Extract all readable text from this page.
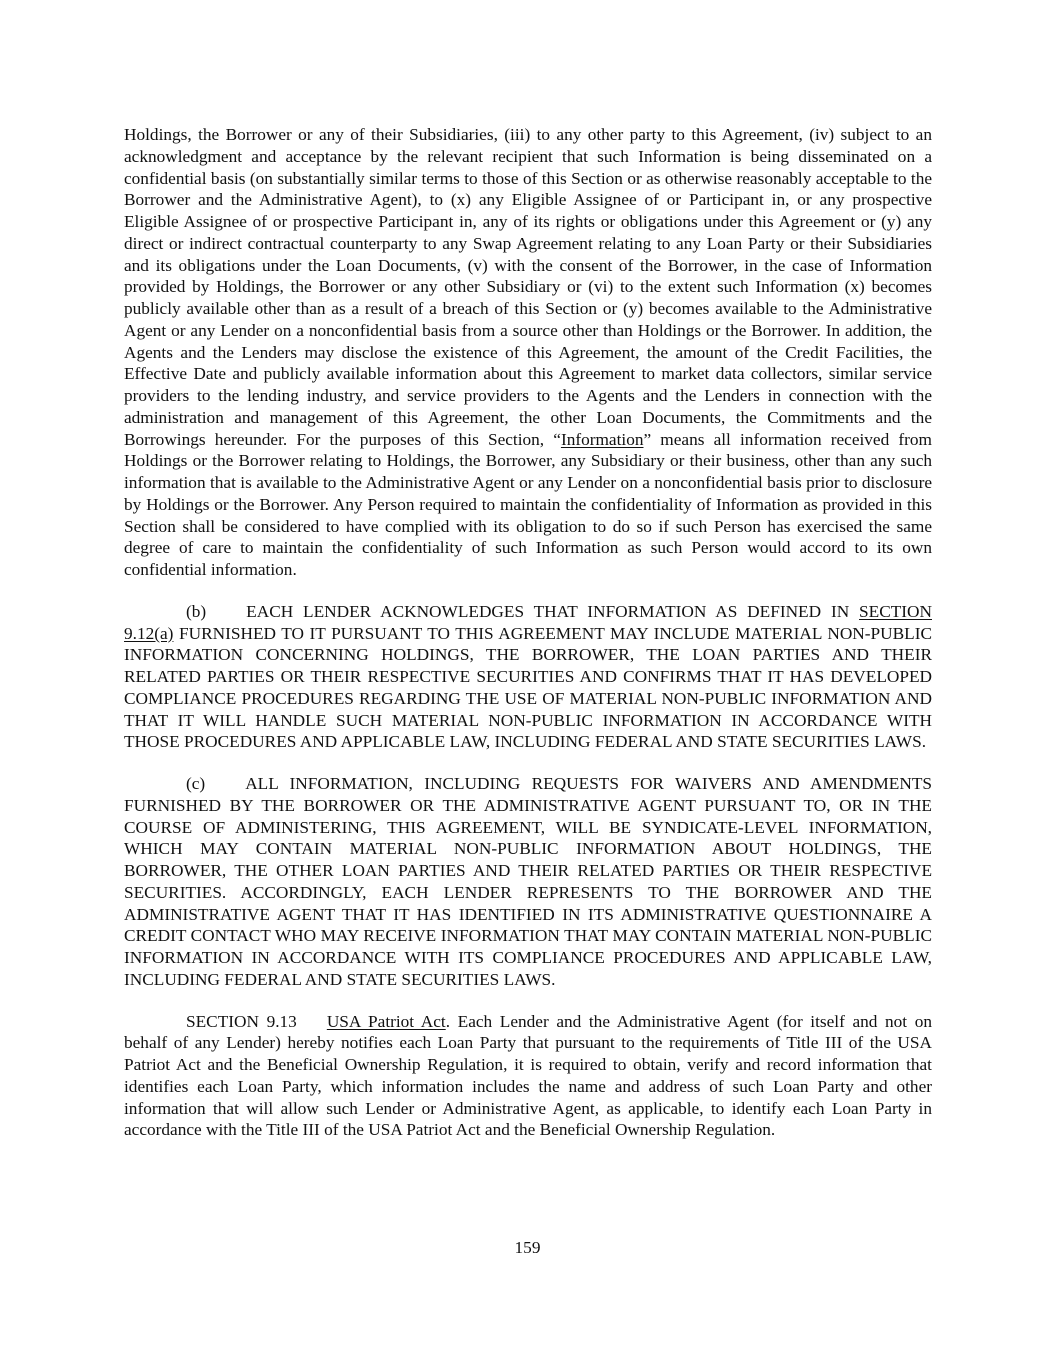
Holdings, the Borrower or any of their Subsidiaries, (iii) to any other party to this Agreement, (iv) subject to an acknowledgment and acceptance by the relevant recipient that such Information is being disseminated on a confidential basis (on substantially similar terms to those of this Section or as otherwise reasonably acceptable to the Borrower and the Administrative Agent), to (x) any Eligible Assignee of or Participant in, or any prospective Eligible Assignee of or prospective Participant in, any of its rights or obligations under this Agreement or (y) any direct or indirect contractual counterparty to any Swap Agreement relating to any Loan Party or their Subsidiaries and its obligations under the Loan Documents, (v) with the consent of the Borrower, in the case of Information provided by Holdings, the Borrower or any other Subsidiary or (vi) to the extent such Information (x) becomes publicly available other than as a result of a breach of this Section or (y) becomes available to the Administrative Agent or any Lender on a nonconfidential basis from a source other than Holdings or the Borrower. In addition, the Agents and the Lenders may disclose the existence of this Agreement, the amount of the Credit Facilities, the Effective Date and publicly available information about this Agreement to market data collectors, similar service providers to the lending industry, and service providers to the Agents and the Lenders in connection with the administration and management of this Agreement, the other Loan Documents, the Commitments and the Borrowings hereunder. For the purposes of this Section, “Information” means all information received from Holdings or the Borrower relating to Holdings, the Borrower, any Subsidiary or their business, other than any such information that is available to the Administrative Agent or any Lender on a nonconfidential basis prior to disclosure by Holdings or the Borrower. Any Person required to maintain the confidentiality of Information as provided in this Section shall be considered to have complied with its obligation to do so if such Person has exercised the same degree of care to maintain the confidentiality of such Information as such Person would accord to its own confidential information.

(b) EACH LENDER ACKNOWLEDGES THAT INFORMATION AS DEFINED IN SECTION 9.12(a) FURNISHED TO IT PURSUANT TO THIS AGREEMENT MAY INCLUDE MATERIAL NON-PUBLIC INFORMATION CONCERNING HOLDINGS, THE BORROWER, THE LOAN PARTIES AND THEIR RELATED PARTIES OR THEIR RESPECTIVE SECURITIES AND CONFIRMS THAT IT HAS DEVELOPED COMPLIANCE PROCEDURES REGARDING THE USE OF MATERIAL NON-PUBLIC INFORMATION AND THAT IT WILL HANDLE SUCH MATERIAL NON-PUBLIC INFORMATION IN ACCORDANCE WITH THOSE PROCEDURES AND APPLICABLE LAW, INCLUDING FEDERAL AND STATE SECURITIES LAWS.

(c) ALL INFORMATION, INCLUDING REQUESTS FOR WAIVERS AND AMENDMENTS FURNISHED BY THE BORROWER OR THE ADMINISTRATIVE AGENT PURSUANT TO, OR IN THE COURSE OF ADMINISTERING, THIS AGREEMENT, WILL BE SYNDICATE-LEVEL INFORMATION, WHICH MAY CONTAIN MATERIAL NON-PUBLIC INFORMATION ABOUT HOLDINGS, THE BORROWER, THE OTHER LOAN PARTIES AND THEIR RELATED PARTIES OR THEIR RESPECTIVE SECURITIES. ACCORDINGLY, EACH LENDER REPRESENTS TO THE BORROWER AND THE ADMINISTRATIVE AGENT THAT IT HAS IDENTIFIED IN ITS ADMINISTRATIVE QUESTIONNAIRE A CREDIT CONTACT WHO MAY RECEIVE INFORMATION THAT MAY CONTAIN MATERIAL NON-PUBLIC INFORMATION IN ACCORDANCE WITH ITS COMPLIANCE PROCEDURES AND APPLICABLE LAW, INCLUDING FEDERAL AND STATE SECURITIES LAWS.

SECTION 9.13 USA Patriot Act. Each Lender and the Administrative Agent (for itself and not on behalf of any Lender) hereby notifies each Loan Party that pursuant to the requirements of Title III of the USA Patriot Act and the Beneficial Ownership Regulation, it is required to obtain, verify and record information that identifies each Loan Party, which information includes the name and address of such Loan Party and other information that will allow such Lender or Administrative Agent, as applicable, to identify each Loan Party in accordance with the Title III of the USA Patriot Act and the Beneficial Ownership Regulation.

159
